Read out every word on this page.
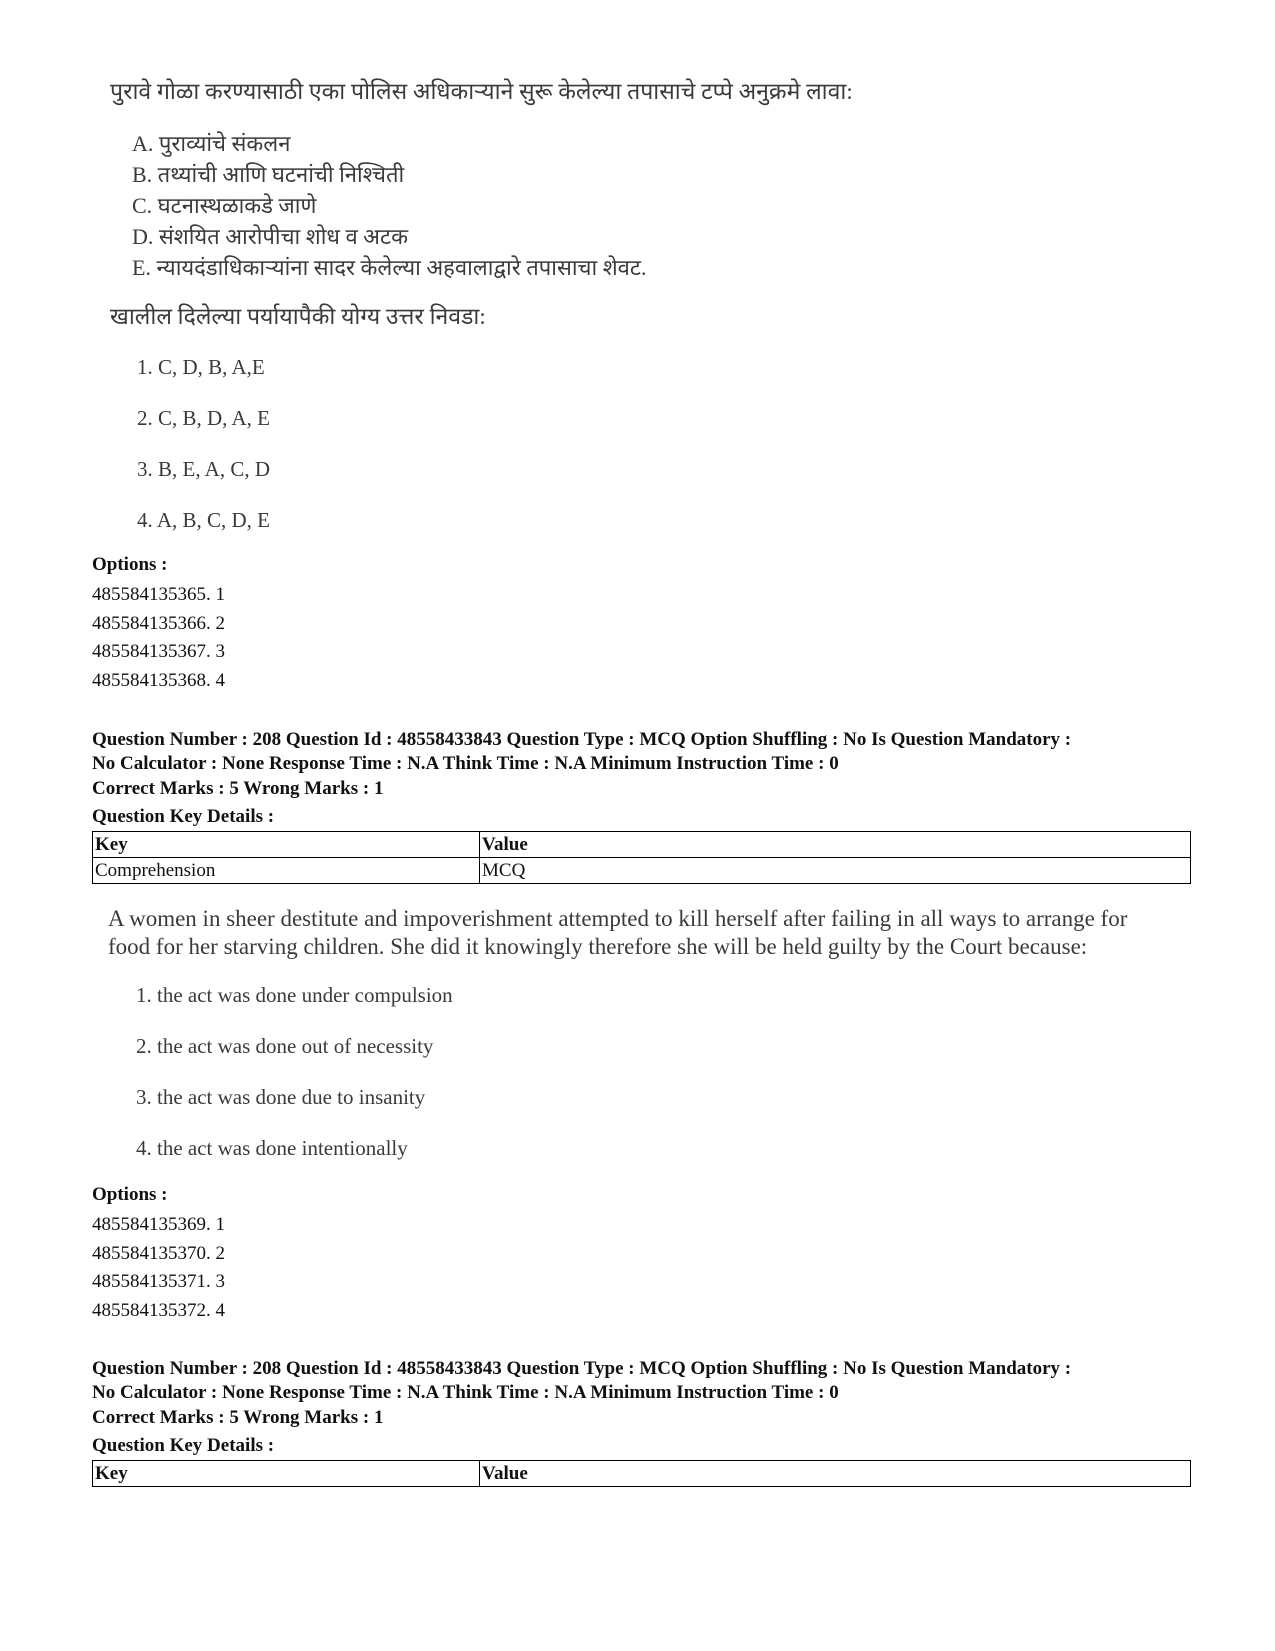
पुरावे गोळा करण्यासाठी एका पोलिस अधिकाऱ्याने सुरू केलेल्या तपासाचे टप्पे अनुक्रमे लावा:
A. पुराव्यांचे संकलन
B. तथ्यांची आणि घटनांची निश्चिती
C. घटनास्थळाकडे जाणे
D. संशयित आरोपीचा शोध व अटक
E. न्यायदंडाधिकाऱ्यांना सादर केलेल्या अहवालाद्वारे तपासाचा शेवट.
खालील दिलेल्या पर्यायापैकी योग्य उत्तर निवडा:
1. C, D, B, A,E
2. C, B, D, A, E
3. B, E, A, C, D
4. A, B, C, D, E
Options :
485584135365. 1
485584135366. 2
485584135367. 3
485584135368. 4
Question Number : 208 Question Id : 48558433843 Question Type : MCQ Option Shuffling : No Is Question Mandatory :
No Calculator : None Response Time : N.A Think Time : N.A Minimum Instruction Time : 0
Correct Marks : 5 Wrong Marks : 1
Question Key Details :
Key	Value
Comprehension	MCQ
A women in sheer destitute and impoverishment attempted to kill herself after failing in all ways to arrange for
food for her starving children. She did it knowingly therefore she will be held guilty by the Court because:
1. the act was done under compulsion
2. the act was done out of necessity
3. the act was done due to insanity
4. the act was done intentionally
Options :
485584135369. 1
485584135370. 2
485584135371. 3
485584135372. 4
Question Number : 208 Question Id : 48558433843 Question Type : MCQ Option Shuffling : No Is Question Mandatory :
No Calculator : None Response Time : N.A Think Time : N.A Minimum Instruction Time : 0
Correct Marks : 5 Wrong Marks : 1
Question Key Details :
Key	Value
